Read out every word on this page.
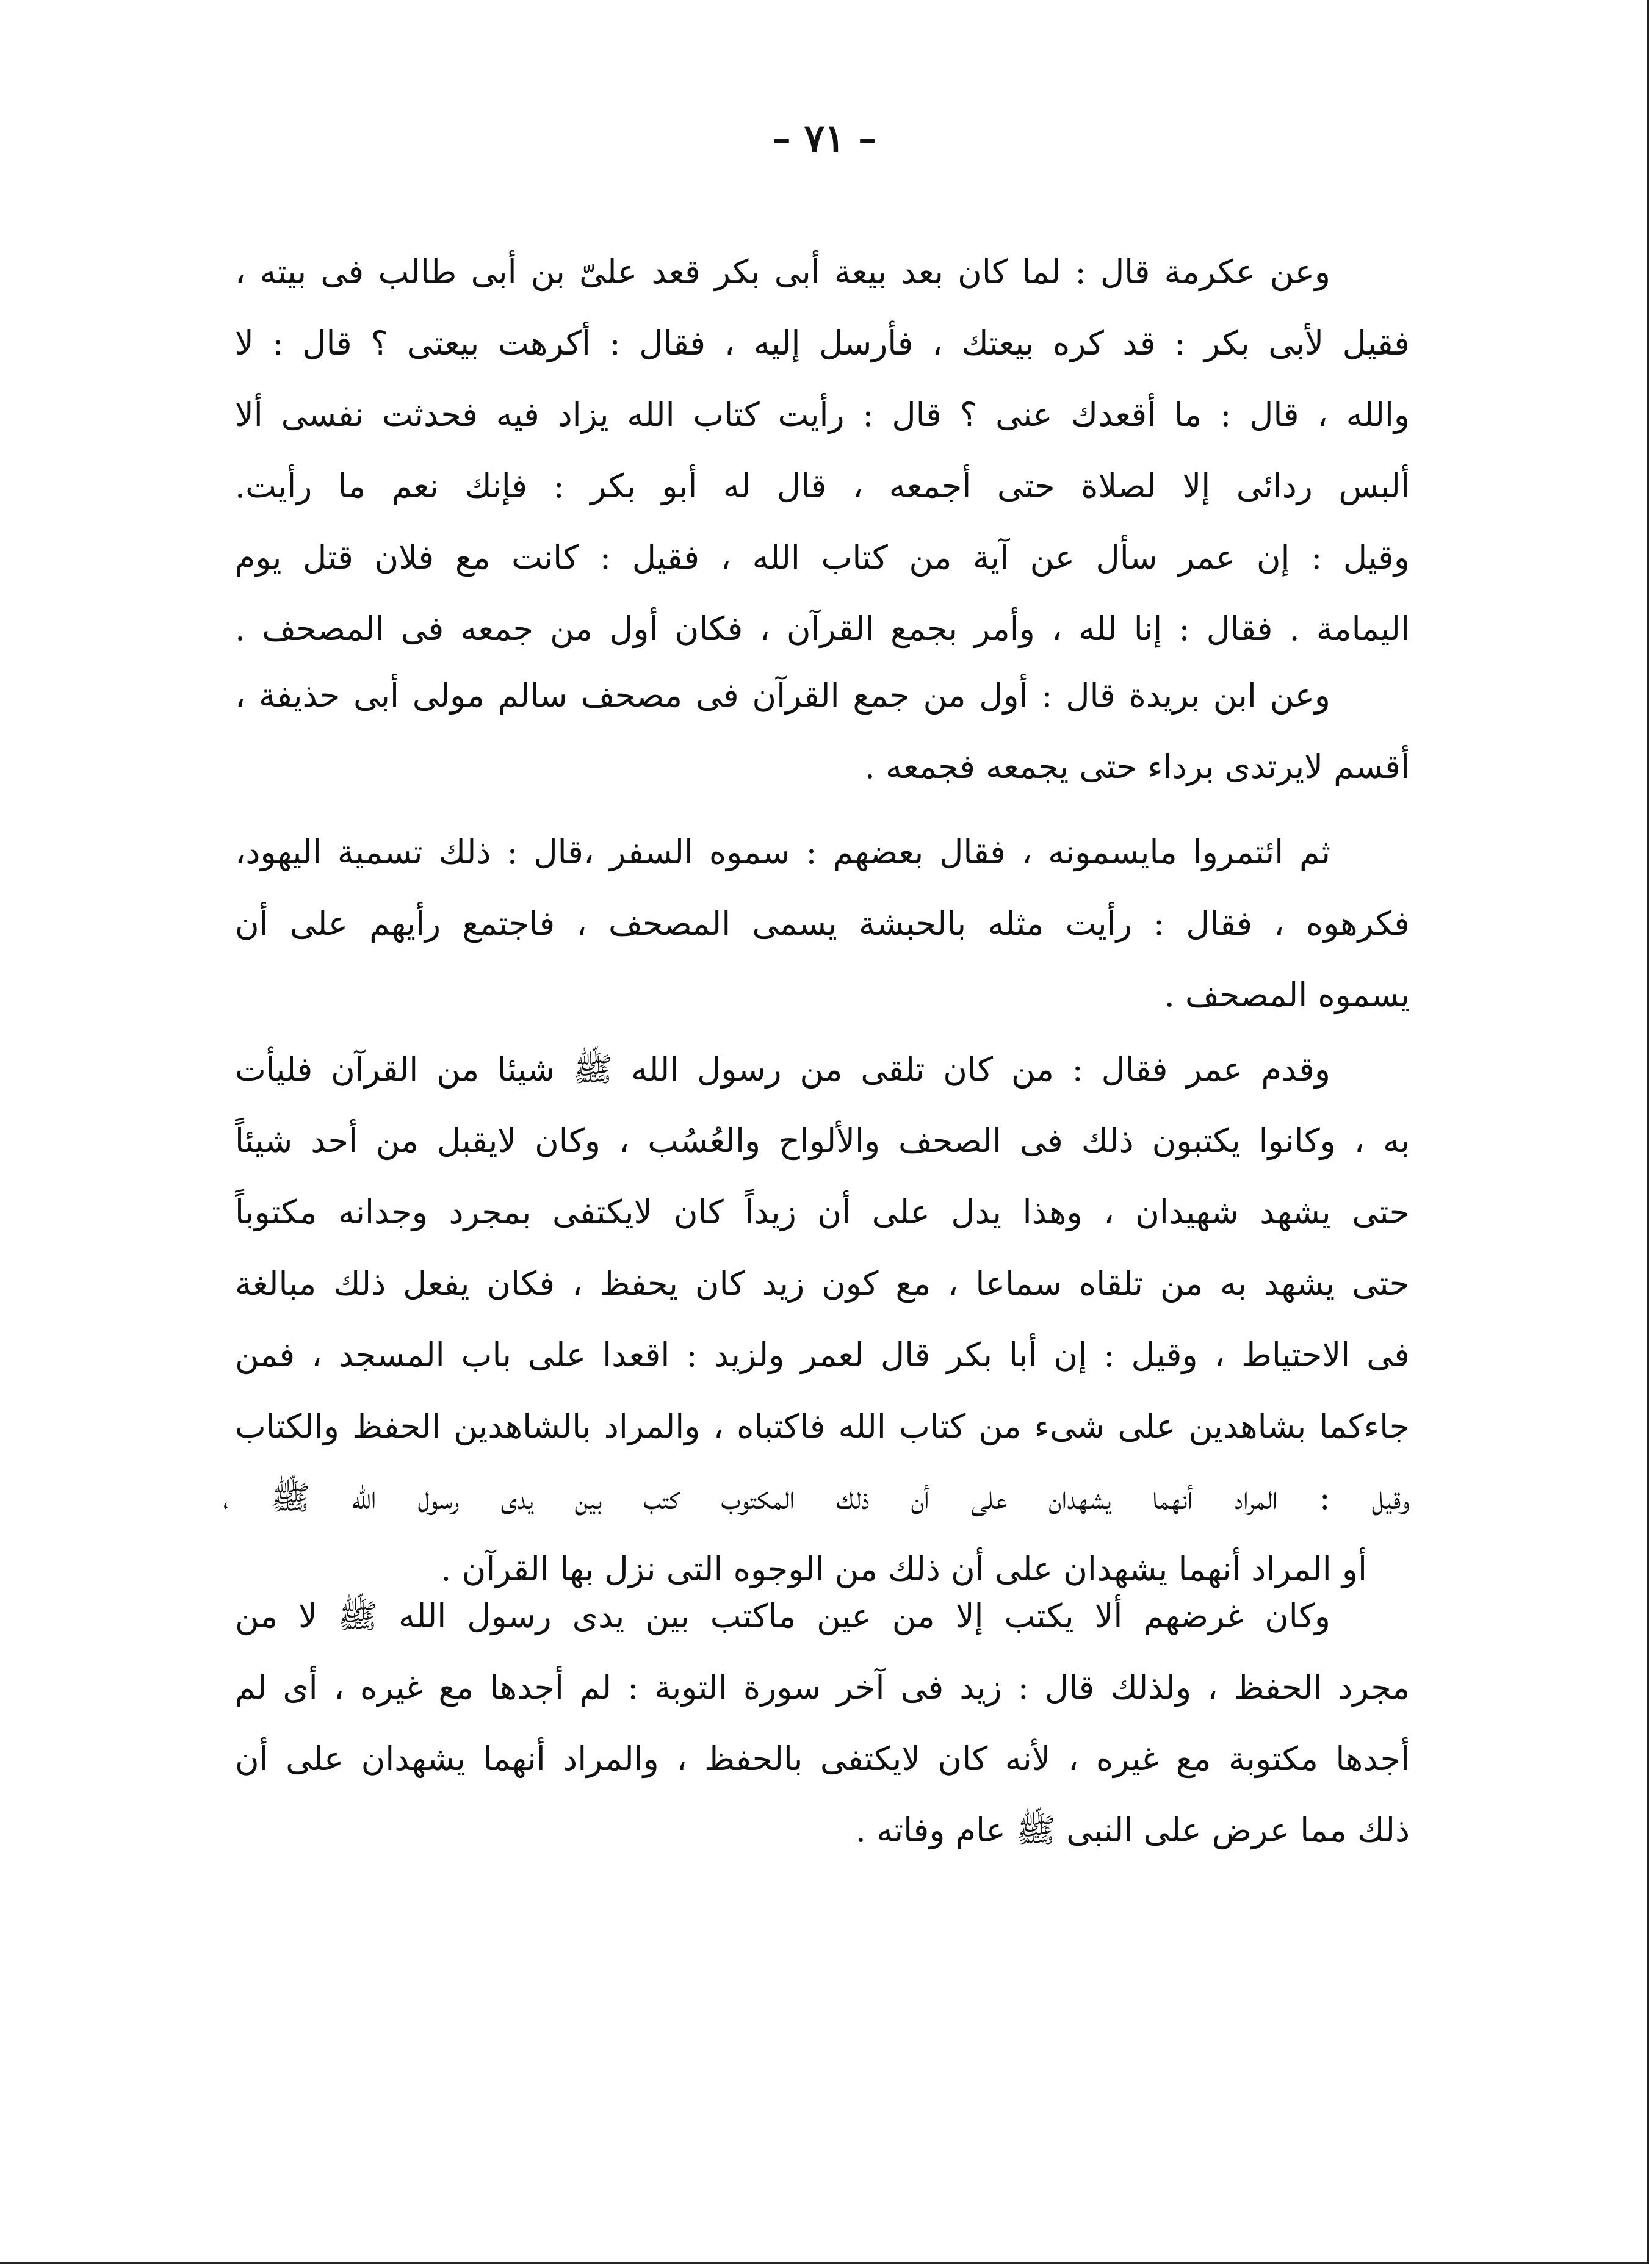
– ٧١ –
وعن عكرمة قال : لما كان بعد بيعة أبى بكر قعد علىّ بن أبى طالب فى بيته ،
فقيل لأبى بكر : قد كره بيعتك ، فأرسل إليه ، فقال : أكرهت بيعتى ؟ قال : لا
والله ، قال : ما أقعدك عنى ؟ قال : رأيت كتاب الله يزاد فيه فحدثت نفسى ألا
ألبس ردائى إلا لصلاة حتى أجمعه ، قال له أبو بكر : فإنك نعم ما رأيت.
وقيل : إن عمر سأل عن آية من كتاب الله ، فقيل : كانت مع فلان قتل يوم
اليمامة . فقال : إنا لله ، وأمر بجمع القرآن ، فكان أول من جمعه فى المصحف .
وعن ابن بريدة قال : أول من جمع القرآن فى مصحف سالم مولى أبى حذيفة ،
أقسم لايرتدى برداء حتى يجمعه فجمعه .
ثم ائتمروا مايسمونه ، فقال بعضهم : سموه السفر ،قال : ذلك تسمية اليهود،
فكرهوه ، فقال : رأيت مثله بالحبشة يسمى المصحف ، فاجتمع رأيهم على أن
يسموه المصحف .
وقدم عمر فقال : من كان تلقى من رسول الله ﷺ شيئا من القرآن فليأت
به ، وكانوا يكتبون ذلك فى الصحف والألواح والعُسُب ، وكان لايقبل من أحد شيئاً
حتى يشهد شهيدان ، وهذا يدل على أن زيداً كان لايكتفى بمجرد وجدانه مكتوباً
حتى يشهد به من تلقاه سماعا ، مع كون زيد كان يحفظ ، فكان يفعل ذلك مبالغة
فى الاحتياط ، وقيل : إن أبا بكر قال لعمر ولزيد : اقعدا على باب المسجد ، فمن
جاءكما بشاهدين على شىء من كتاب الله فاكتباه ، والمراد بالشاهدين الحفظ والكتاب
وقيل : المراد أنهما يشهدان على أن ذلك المكتوب كتب بين يدى رسول الله ﷺ ،
أو المراد أنهما يشهدان على أن ذلك من الوجوه التى نزل بها القرآن .
وكان غرضهم ألا يكتب إلا من عين ماكتب بين يدى رسول الله ﷺ لا من
مجرد الحفظ ، ولذلك قال : زيد فى آخر سورة التوبة : لم أجدها مع غيره ، أى لم
أجدها مكتوبة مع غيره ، لأنه كان لايكتفى بالحفظ ، والمراد أنهما يشهدان على أن
ذلك مما عرض على النبى ﷺ عام وفاته .
